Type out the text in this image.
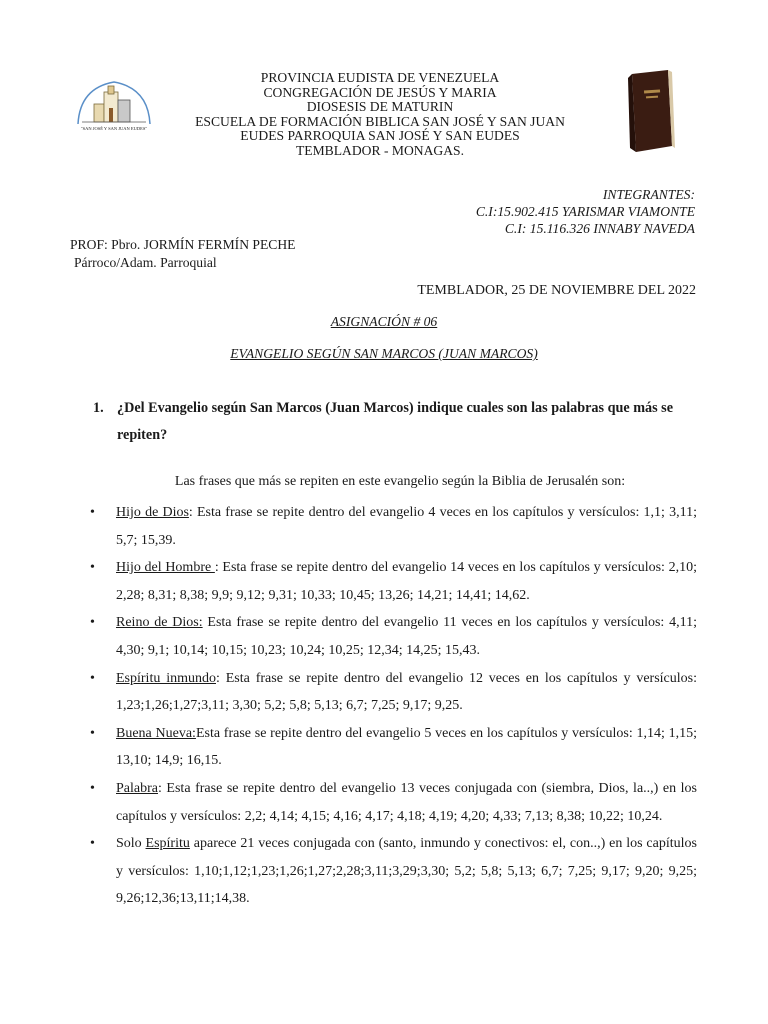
"SAN JOSÉ Y SAN JUAN EUDES"
PROVINCIA EUDISTA DE VENEZUELA
CONGREGACIÓN DE JESÚS Y MARIA
DIOSESIS DE MATURIN
ESCUELA DE FORMACIÓN BIBLICA SAN JOSÉ Y SAN JUAN
EUDES PARROQUIA SAN JOSÉ Y SAN EUDES
TEMBLADOR - MONAGAS.
INTEGRANTES:
C.I:15.902.415 YARISMAR VIAMONTE
C.I: 15.116.326 INNABY NAVEDA
PROF: Pbro. JORMÍN FERMÍN PECHE
Párroco/Adam. Parroquial
TEMBLADOR, 25 DE NOVIEMBRE DEL 2022
ASIGNACIÓN # 06
EVANGELIO SEGÚN SAN MARCOS (JUAN MARCOS)
1. ¿Del Evangelio según San Marcos (Juan Marcos) indique cuales son las palabras que más se repiten?
Las frases que más se repiten en este evangelio según la Biblia de Jerusalén son:
• Hijo de Dios: Esta frase se repite dentro del evangelio 4 veces en los capítulos y versículos: 1,1; 3,11; 5,7; 15,39.
• Hijo del Hombre : Esta frase se repite dentro del evangelio 14 veces en los capítulos y versículos: 2,10; 2,28; 8,31; 8,38; 9,9; 9,12; 9,31; 10,33; 10,45; 13,26; 14,21; 14,41; 14,62.
• Reino de Dios: Esta frase se repite dentro del evangelio 11 veces en los capítulos y versículos: 4,11; 4,30; 9,1; 10,14; 10,15; 10,23; 10,24; 10,25; 12,34; 14,25; 15,43.
• Espíritu inmundo: Esta frase se repite dentro del evangelio 12 veces en los capítulos y versículos: 1,23;1,26;1,27;3,11; 3,30; 5,2; 5,8; 5,13; 6,7; 7,25; 9,17; 9,25.
• Buena Nueva:Esta frase se repite dentro del evangelio 5 veces en los capítulos y versículos: 1,14; 1,15; 13,10; 14,9; 16,15.
• Palabra: Esta frase se repite dentro del evangelio 13 veces conjugada con (siembra, Dios, la..,) en los capítulos y versículos: 2,2; 4,14; 4,15; 4,16; 4,17; 4,18; 4,19; 4,20; 4,33; 7,13; 8,38; 10,22; 10,24.
• Solo Espíritu aparece 21 veces conjugada con (santo, inmundo y conectivos: el, con..,) en los capítulos y versículos: 1,10;1,12;1,23;1,26;1,27;2,28;3,11;3,29;3,30; 5,2; 5,8; 5,13; 6,7; 7,25; 9,17; 9,20; 9,25; 9,26;12,36;13,11;14,38.
